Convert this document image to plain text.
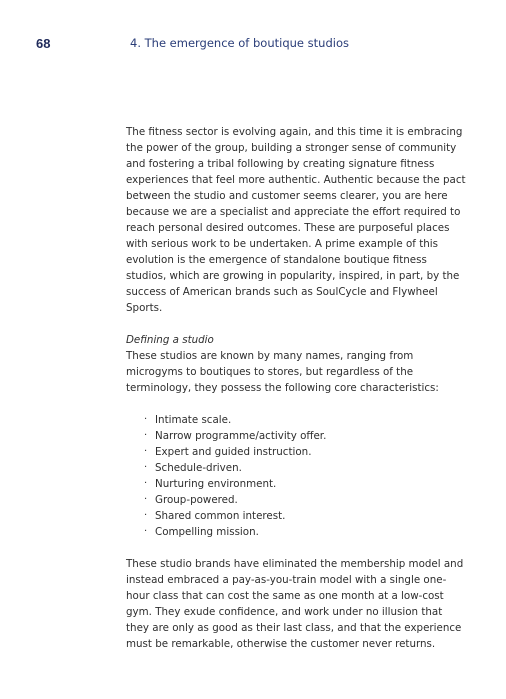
68	4. The emergence of boutique studios

The fitness sector is evolving again, and this time it is embracing the power of the group, building a stronger sense of community and fostering a tribal following by creating signature fitness experiences that feel more authentic. Authentic because the pact between the studio and customer seems clearer, you are here because we are a specialist and appreciate the effort required to reach personal desired outcomes. These are purposeful places with serious work to be undertaken. A prime example of this evolution is the emergence of standalone boutique fitness studios, which are growing in popularity, inspired, in part, by the success of American brands such as SoulCycle and Flywheel Sports.

Defining a studio

These studios are known by many names, ranging from microgyms to boutiques to stores, but regardless of the terminology, they possess the following core characteristics:

· Intimate scale.
· Narrow programme/activity offer.
· Expert and guided instruction.
· Schedule-driven.
· Nurturing environment.
· Group-powered.
· Shared common interest.
· Compelling mission.

These studio brands have eliminated the membership model and instead embraced a pay-as-you-train model with a single one-hour class that can cost the same as one month at a low-cost gym. They exude confidence, and work under no illusion that they are only as good as their last class, and that the experience must be remarkable, otherwise the customer never returns.
